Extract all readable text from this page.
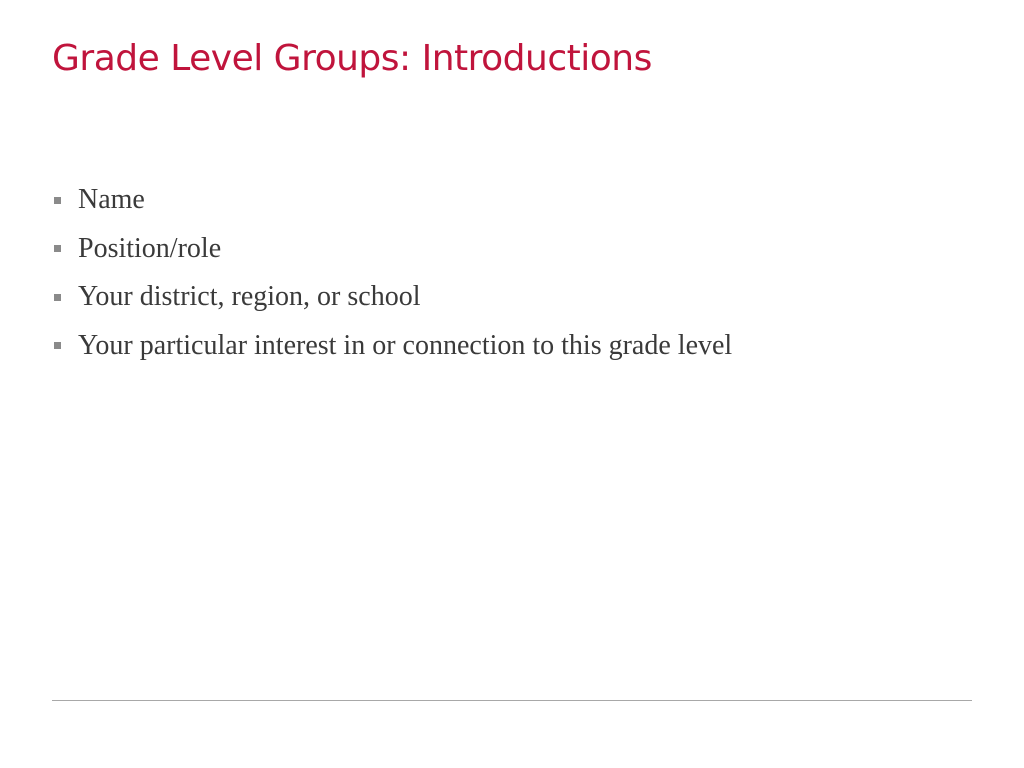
Grade Level Groups: Introductions
Name
Position/role
Your district, region, or school
Your particular interest in or connection to this grade level
